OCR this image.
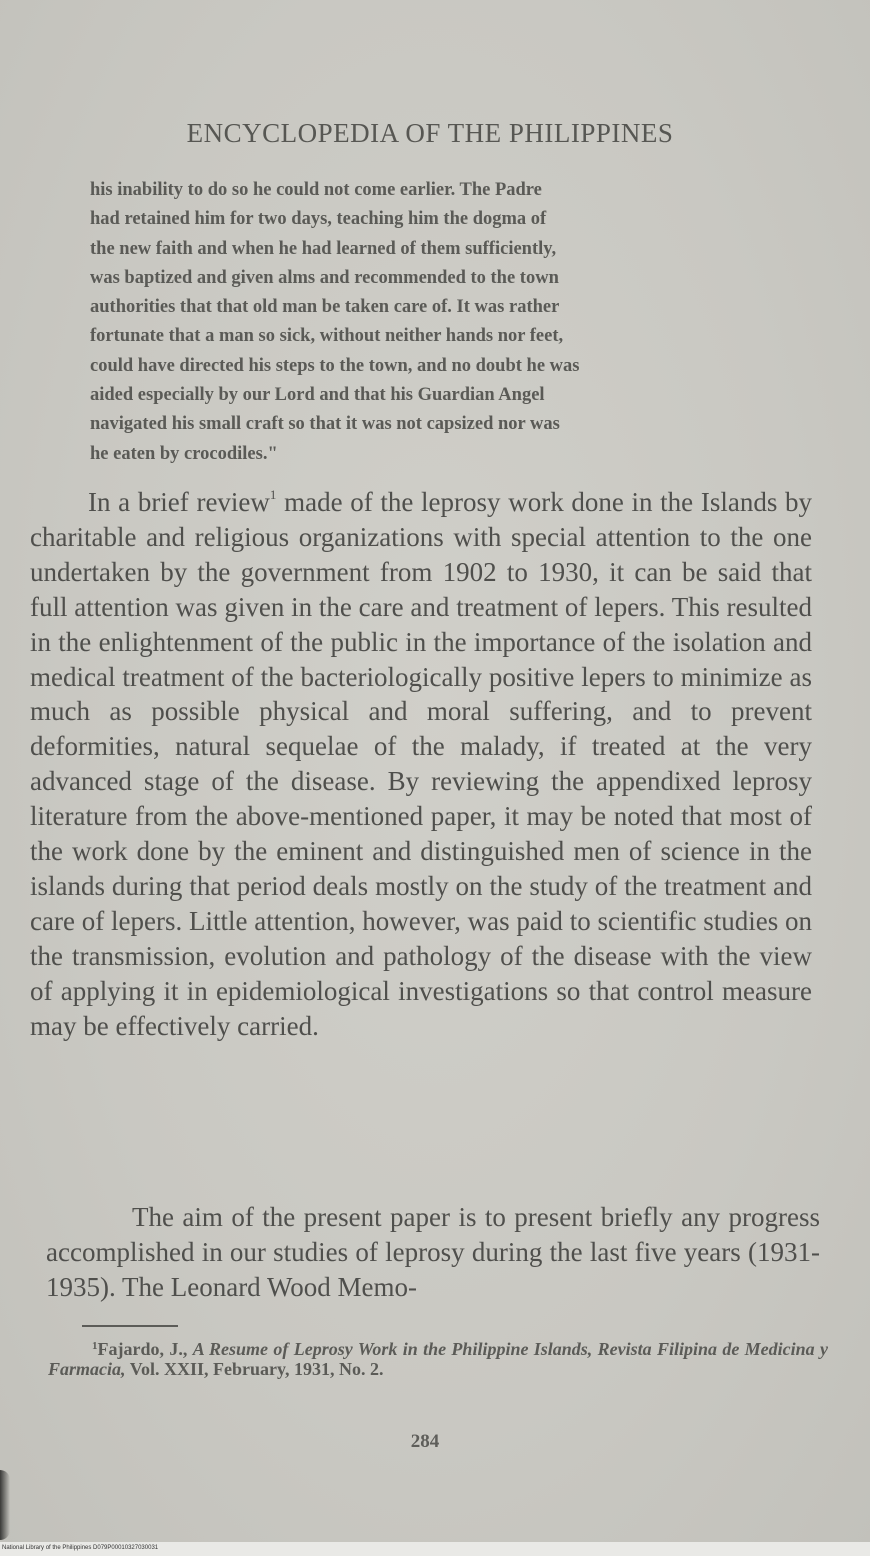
ENCYCLOPEDIA OF THE PHILIPPINES

his inability to do so he could not come earlier. The Padre

had retained him for two days, teaching him the dogma of

the new faith and when he had learned of them sufficiently,

was baptized and given alms and recommended to the town

authorities that that old man be taken care of. It was rather

fortunate that a man so sick, without neither hands nor feet,

could have directed his steps to the town, and no doubt he was

aided especially by our Lord and that his Guardian Angel

navigated his small craft so that it was not capsized nor was

he eaten by crocodiles."

In a brief review$^1$ made of the leprosy work done in the Islands by charitable and religious organizations with special attention to the one undertaken by the government from 1902 to 1930, it can be said that full attention was given in the care and treatment of lepers. This resulted in the enlightenment of the public in the importance of the isolation and medical treatment of the bacteriologically positive lepers to minimize as much as possible physical and moral suffering, and to prevent deformities, natural sequelae of the malady, if treated at the very advanced stage of the disease. By reviewing the appendixed leprosy literature from the above-mentioned paper, it may be noted that most of the work done by the eminent and distinguished men of science in the islands during that period deals mostly on the study of the treatment and care of lepers. Little attention, however, was paid to scientific studies on the transmission, evolution and pathology of the disease with the view of applying it in epidemiological investigations so that control measure may be effectively carried.

The aim of the present paper is to present briefly any progress accomplished in our studies of leprosy during the last five years (1931-1935). The Leonard Wood Memo-

$^1$Fajardo, J., A Resume of Leprosy Work in the Philippine Islands, Revista Filipina de Medicina y Farmacia, Vol. XXII, February, 1931, No. 2.
284
National Library of the Philippines D079P00010327030031
